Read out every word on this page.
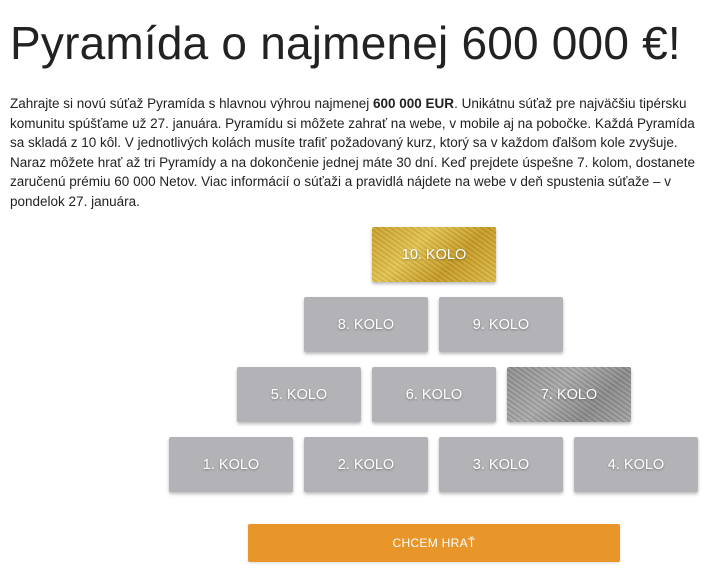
Pyramída o najmenej 600 000 €!

Zahrajte si novú súťaž Pyramída s hlavnou výhrou najmenej 600 000 EUR. Unikátnu súťaž pre najväčšiu tipérsku komunitu spúšťame už 27. januára. Pyramídu si môžete zahrať na webe, v mobile aj na pobočke. Každá Pyramída sa skladá z 10 kôl. V jednotlivých kolách musíte trafiť požadovaný kurz, ktorý sa v každom ďalšom kole zvyšuje. Naraz môžete hrať až tri Pyramídy a na dokončenie jednej máte 30 dní. Keď prejdete úspešne 7. kolom, dostanete zaručenú prémiu 60 000 Netov. Viac informácií o súťaži a pravidlá nájdete na webe v deň spustenia súťaže – v pondelok 27. januára.

10. KOLO
8. KOLO	9. KOLO
5. KOLO	6. KOLO	7. KOLO
1. KOLO	2. KOLO	3. KOLO	4. KOLO
CHCEM HRAŤ
